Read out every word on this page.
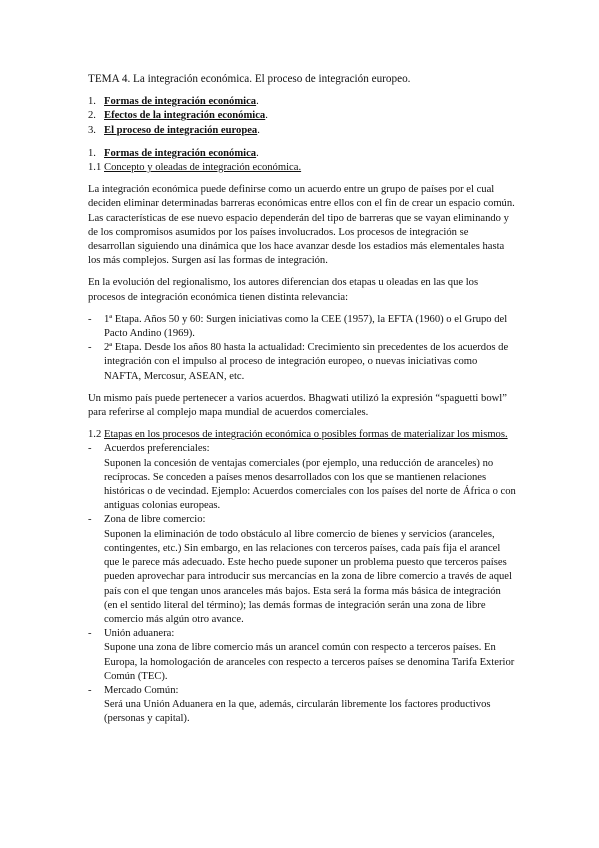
TEMA 4. La integración económica. El proceso de integración europeo.
1. Formas de integración económica.
2. Efectos de la integración económica.
3. El proceso de integración europea.
1. Formas de integración económica.
1.1 Concepto y oleadas de integración económica.

La integración económica puede definirse como un acuerdo entre un grupo de países por el cual deciden eliminar determinadas barreras económicas entre ellos con el fin de crear un espacio común. Las características de ese nuevo espacio dependerán del tipo de barreras que se vayan eliminando y de los compromisos asumidos por los países involucrados. Los procesos de integración se desarrollan siguiendo una dinámica que los hace avanzar desde los estadios más elementales hasta los más complejos. Surgen así las formas de integración.

En la evolución del regionalismo, los autores diferencian dos etapas u oleadas en las que los procesos de integración económica tienen distinta relevancia:

-	1ª Etapa. Años 50 y 60: Surgen iniciativas como la CEE (1957), la EFTA (1960) o el Grupo del Pacto Andino (1969).
-	2ª Etapa. Desde los años 80 hasta la actualidad: Crecimiento sin precedentes de los acuerdos de integración con el impulso al proceso de integración europeo, o nuevas iniciativas como NAFTA, Mercosur, ASEAN, etc.

Un mismo país puede pertenecer a varios acuerdos. Bhagwati utilizó la expresión “spaguetti bowl” para referirse al complejo mapa mundial de acuerdos comerciales.

1.2 Etapas en los procesos de integración económica o posibles formas de materializar los mismos.
-	Acuerdos preferenciales:
Suponen la concesión de ventajas comerciales (por ejemplo, una reducción de aranceles) no recíprocas. Se conceden a países menos desarrollados con los que se mantienen relaciones históricas o de vecindad. Ejemplo: Acuerdos comerciales con los países del norte de África o con antiguas colonias europeas.
-	Zona de libre comercio:
Suponen la eliminación de todo obstáculo al libre comercio de bienes y servicios (aranceles, contingentes, etc.) Sin embargo, en las relaciones con terceros países, cada país fija el arancel que le parece más adecuado. Este hecho puede suponer un problema puesto que terceros países pueden aprovechar para introducir sus mercancías en la zona de libre comercio a través de aquel país con el que tengan unos aranceles más bajos. Esta será la forma más básica de integración (en el sentido literal del término); las demás formas de integración serán una zona de libre comercio más algún otro avance.
-	Unión aduanera:
Supone una zona de libre comercio más un arancel común con respecto a terceros países. En Europa, la homologación de aranceles con respecto a terceros países se denomina Tarifa Exterior Común (TEC).
-	Mercado Común:
Será una Unión Aduanera en la que, además, circularán libremente los factores productivos (personas y capital).
